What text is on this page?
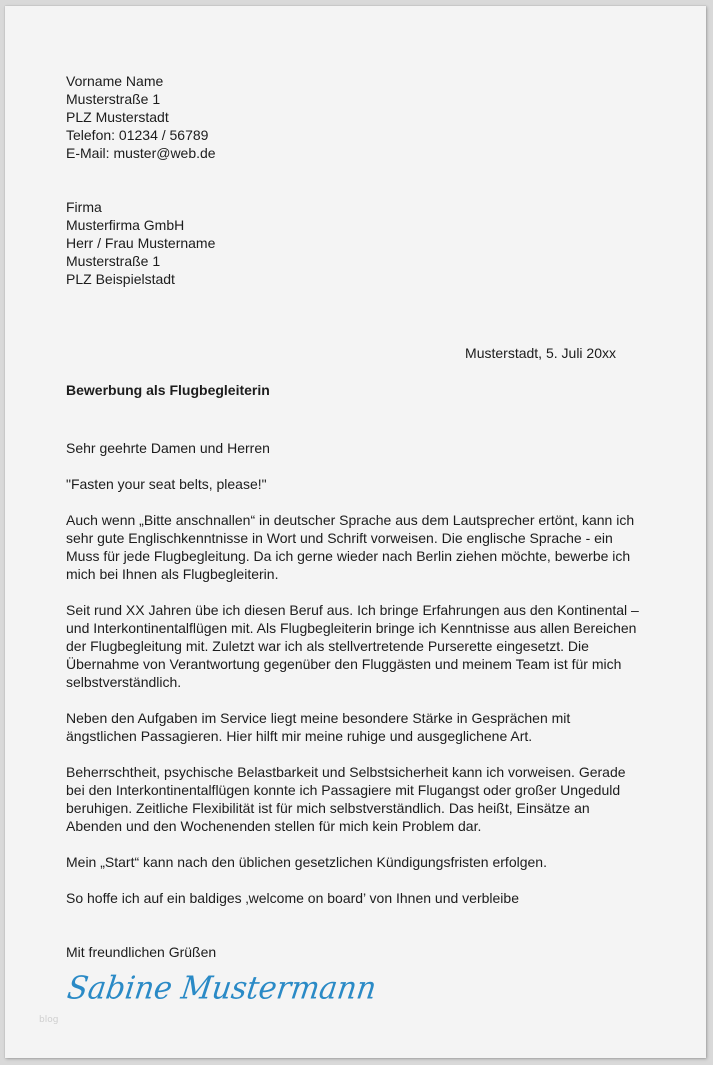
Vorname Name
Musterstraße 1
PLZ Musterstadt
Telefon: 01234 / 56789
E-Mail: muster@web.de
Firma
Musterfirma GmbH
Herr / Frau Mustername
Musterstraße 1
PLZ Beispielstadt
Musterstadt, 5. Juli 20xx
Bewerbung als Flugbegleiterin
Sehr geehrte Damen und Herren

"Fasten your seat belts, please!"

Auch wenn „Bitte anschnallen“ in deutscher Sprache aus dem Lautsprecher ertönt, kann ich sehr gute Englischkenntnisse in Wort und Schrift vorweisen. Die englische Sprache - ein Muss für jede Flugbegleitung. Da ich gerne wieder nach Berlin ziehen möchte, bewerbe ich mich bei Ihnen als Flugbegleiterin.

Seit rund XX Jahren übe ich diesen Beruf aus. Ich bringe Erfahrungen aus den Kontinental – und Interkontinentalflügen mit. Als Flugbegleiterin bringe ich Kenntnisse aus allen Bereichen der Flugbegleitung mit. Zuletzt war ich als stellvertretende Purserette eingesetzt. Die Übernahme von Verantwortung gegenüber den Fluggästen und meinem Team ist für mich selbstverständlich.

Neben den Aufgaben im Service liegt meine besondere Stärke in Gesprächen mit ängstlichen Passagieren. Hier hilft mir meine ruhige und ausgeglichene Art.

Beherrschtheit, psychische Belastbarkeit und Selbstsicherheit kann ich vorweisen. Gerade bei den Interkontinentalflügen konnte ich Passagiere mit Flugangst oder großer Ungeduld beruhigen. Zeitliche Flexibilität ist für mich selbstverständlich. Das heißt, Einsätze an Abenden und den Wochenenden stellen für mich kein Problem dar.

Mein „Start“ kann nach den üblichen gesetzlichen Kündigungsfristen erfolgen.

So hoffe ich auf ein baldiges ‚welcome on board’ von Ihnen und verbleibe

Mit freundlichen Grüßen
Sabine Mustermann
blog
